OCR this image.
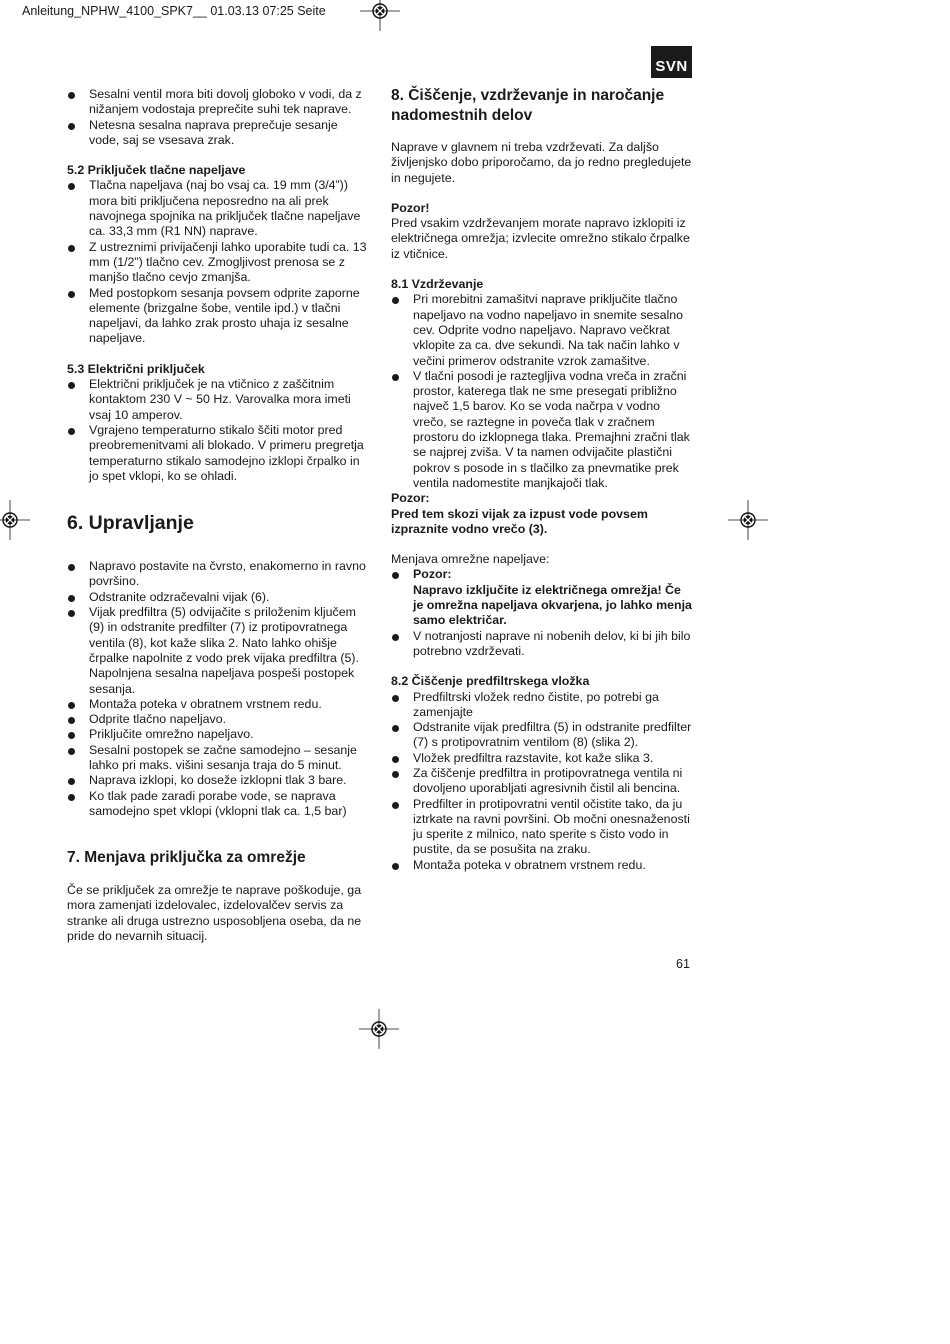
Anleitung_NPHW_4100_SPK7__ 01.03.13 07:25 Seite
SVN

Sesalni ventil mora biti dovolj globoko v vodi, da z nižanjem vodostaja preprečite suhi tek naprave.

Netesna sesalna naprava preprečuje sesanje vode, saj se vsesava zrak.

5.2 Priključek tlačne napeljave

Tlačna napeljava (naj bo vsaj ca. 19 mm (3/4”)) mora biti priključena neposredno na ali prek navojnega spojnika na priključek tlačne napeljave ca. 33,3 mm (R1 NN) naprave.

Z ustreznimi privijačenji lahko uporabite tudi ca. 13 mm (1/2”) tlačno cev. Zmogljivost prenosa se z manjšo tlačno cevjo zmanjša.

Med postopkom sesanja povsem odprite zaporne elemente (brizgalne šobe, ventile ipd.) v tlačni napeljavi, da lahko zrak prosto uhaja iz sesalne napeljave.

5.3 Električni priključek

Električni priključek je na vtičnico z zaščitnim kontaktom 230 V ~ 50 Hz. Varovalka mora imeti vsaj 10 amperov.

Vgrajeno temperaturno stikalo ščiti motor pred preobremenitvami ali blokado. V primeru pregretja temperaturno stikalo samodejno izklopi črpalko in jo spet vklopi, ko se ohladi.

6. Upravljanje

Napravo postavite na čvrsto, enakomerno in ravno površino.

Odstranite odzračevalni vijak (6).

Vijak predfiltra (5) odvijačite s priloženim ključem (9) in odstranite predfilter (7) iz protipovratnega ventila (8), kot kaže slika 2. Nato lahko ohišje črpalke napolnite z vodo prek vijaka predfiltra (5). Napolnjena sesalna napeljava pospeši postopek sesanja.

Montaža poteka v obratnem vrstnem redu.

Odprite tlačno napeljavo.

Priključite omrežno napeljavo.

Sesalni postopek se začne samodejno – sesanje lahko pri maks. višini sesanja traja do 5 minut.

Naprava izklopi, ko doseže izklopni tlak 3 bare.

Ko tlak pade zaradi porabe vode, se naprava samodejno spet vklopi (vklopni tlak ca. 1,5 bar)

7. Menjava priključka za omrežje

Če se priključek za omrežje te naprave poškoduje, ga mora zamenjati izdelovalec, izdelovalčev servis za stranke ali druga ustrezno usposobljena oseba, da ne pride do nevarnih situacij.

8. Čiščenje, vzdrževanje in naročanje nadomestnih delov

Naprave v glavnem ni treba vzdrževati. Za daljšo življenjsko dobo priporočamo, da jo redno pregledujete in negujete.

Pozor!

Pred vsakim vzdrževanjem morate napravo izklopiti iz električnega omrežja; izvlecite omrežno stikalo črpalke iz vtičnice.

8.1 Vzdrževanje

Pri morebitni zamašitvi naprave priključite tlačno napeljavo na vodno napeljavo in snemite sesalno cev. Odprite vodno napeljavo. Napravo večkrat vklopite za ca. dve sekundi. Na tak način lahko v večini primerov odstranite vzrok zamašitve.

V tlačni posodi je raztegljiva vodna vreča in zračni prostor, katerega tlak ne sme presegati približno največ 1,5 barov. Ko se voda načrpa v vodno vrečo, se raztegne in poveča tlak v zračnem prostoru do izklopnega tlaka. Premajhni zračni tlak se najprej zviša. V ta namen odvijačite plastični pokrov s posode in s tlačilko za pnevmatike prek ventila nadomestite manjkajoči tlak.

Pozor:

Pred tem skozi vijak za izpust vode povsem izpraznite vodno vrečo (3).

Menjava omrežne napeljave:

Pozor:

Napravo izključite iz električnega omrežja! Če je omrežna napeljava okvarjena, jo lahko menja samo električar.

V notranjosti naprave ni nobenih delov, ki bi jih bilo potrebno vzdrževati.

8.2 Čiščenje predfiltrskega vložka

Predfiltrski vložek redno čistite, po potrebi ga zamenjajte

Odstranite vijak predfiltra (5) in odstranite predfilter (7) s protipovratnim ventilom (8) (slika 2).

Vložek predfiltra razstavite, kot kaže slika 3.

Za čiščenje predfiltra in protipovratnega ventila ni dovoljeno uporabljati agresivnih čistil ali bencina.

Predfilter in protipovratni ventil očistite tako, da ju iztrkate na ravni površini. Ob močni onesnaženosti ju sperite z milnico, nato sperite s čisto vodo in pustite, da se posušita na zraku.

Montaža poteka v obratnem vrstnem redu.

61
